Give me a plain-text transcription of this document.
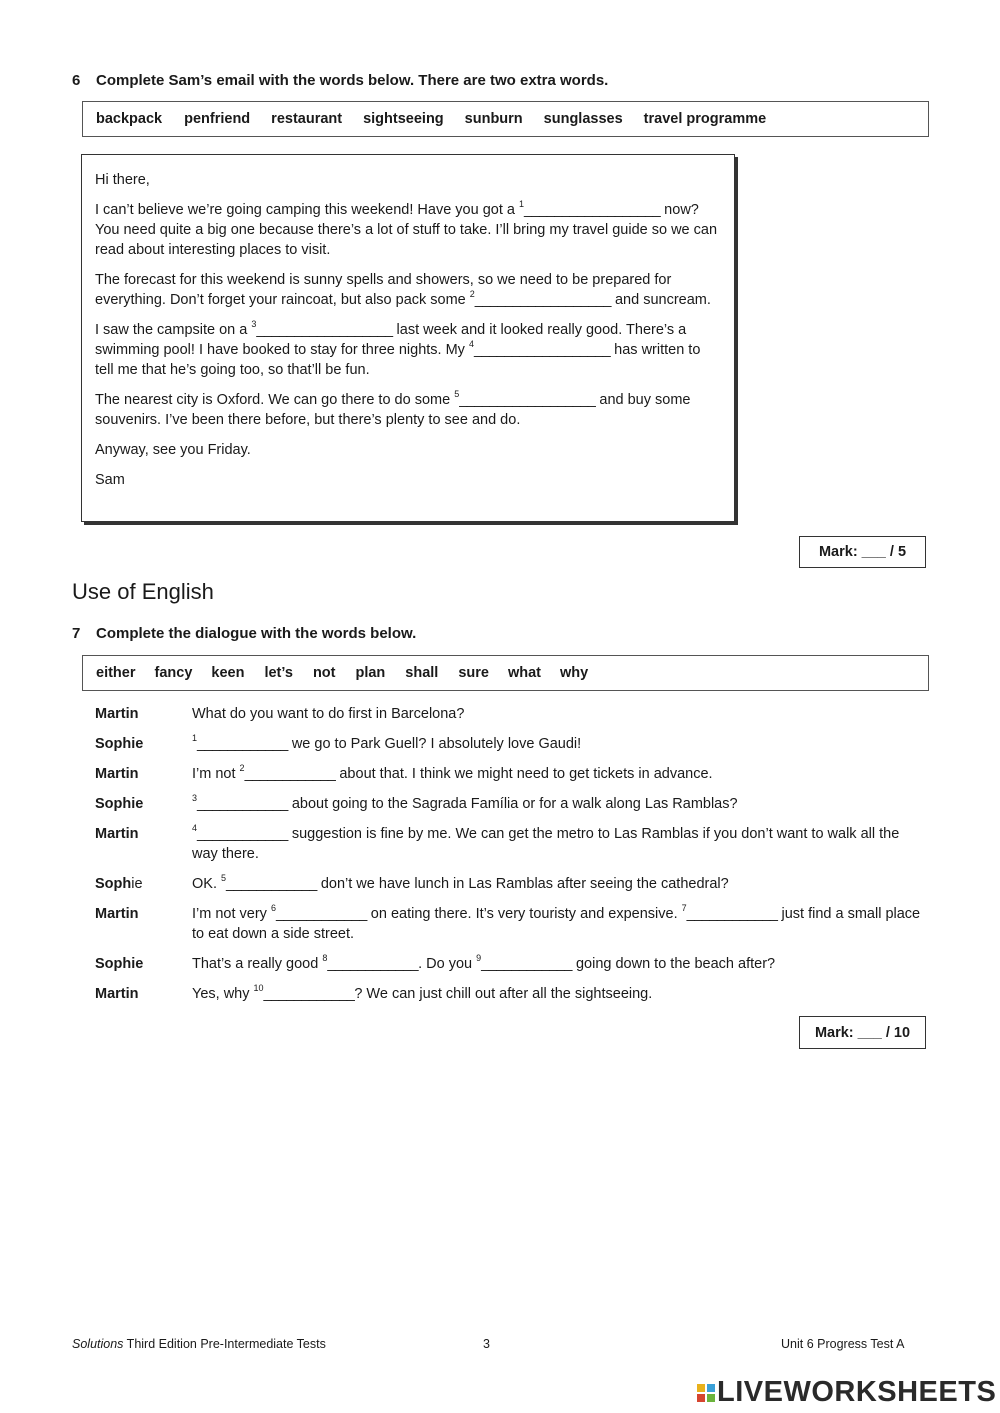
6 Complete Sam’s email with the words below. There are two extra words.
backpack penfriend restaurant sightseeing sunburn sunglasses travel programme

Hi there,

I can’t believe we’re going camping this weekend! Have you got a $^1$__________________ now? You need quite a big one because there’s a lot of stuff to take. I’ll bring my travel guide so we can read about interesting places to visit.

The forecast for this weekend is sunny spells and showers, so we need to be prepared for everything. Don’t forget your raincoat, but also pack some $^2$__________________ and suncream.

I saw the campsite on a $^3$__________________ last week and it looked really good. There’s a swimming pool! I have booked to stay for three nights. My $^4$__________________ has written to tell me that he’s going too, so that’ll be fun.

The nearest city is Oxford. We can go there to do some $^5$__________________ and buy some souvenirs. I’ve been there before, but there’s plenty to see and do.

Anyway, see you Friday.

Sam

Mark: ___ / 5
Use of English
7 Complete the dialogue with the words below.
either fancy keen let’s not plan shall sure what why
Martin	What do you want to do first in Barcelona?
Sophie	$^1$____________ we go to Park Guell? I absolutely love Gaudi!
Martin	I’m not $^2$____________ about that. I think we might need to get tickets in advance.
Sophie	$^3$____________ about going to the Sagrada Família or for a walk along Las Ramblas?
Martin	$^4$____________ suggestion is fine by me. We can get the metro to Las Ramblas if you don’t want to walk all the way there.
Sophie	OK. $^5$____________ don’t we have lunch in Las Ramblas after seeing the cathedral?
Martin	I’m not very $^6$____________ on eating there. It’s very touristy and expensive. $^7$____________ just find a small place to eat down a side street.
Sophie	That’s a really good $^8$____________. Do you $^9$____________ going down to the beach after?
Martin	Yes, why $^{10}$____________? We can just chill out after all the sightseeing.
Mark: ___ / 10
Solutions Third Edition Pre-Intermediate Tests	3	Unit 6 Progress Test A
LIVEWORKSHEETS
